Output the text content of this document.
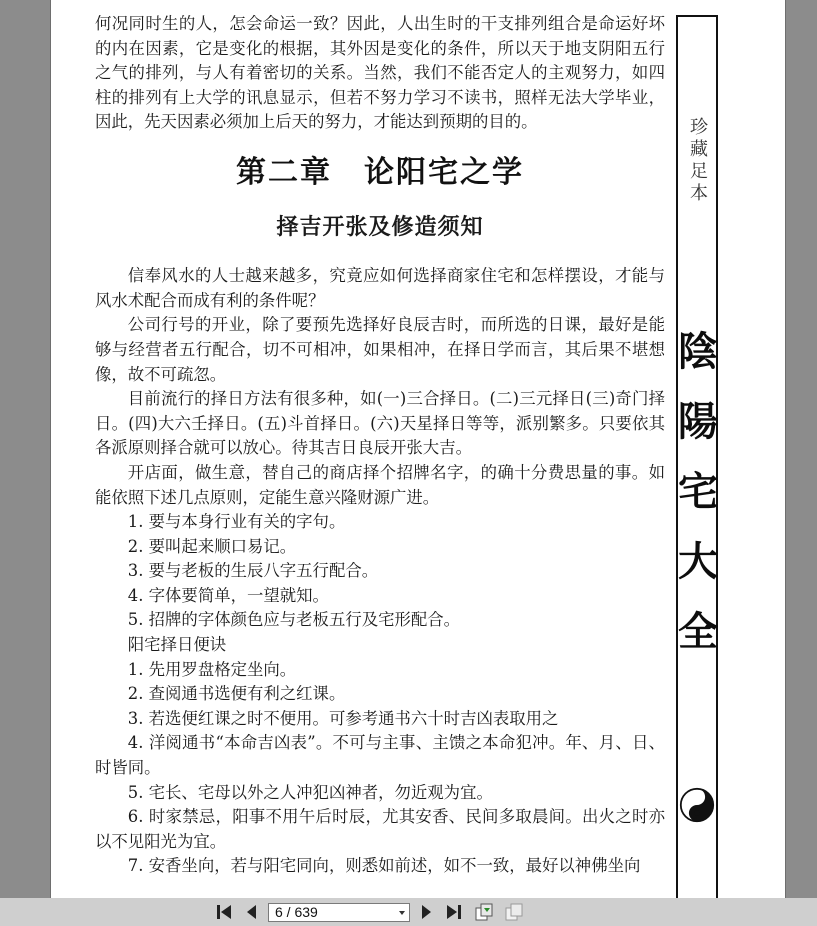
何况同时生的人，怎会命运一致？因此，人出生时的干支排列组合是命运好坏的内在因素，它是变化的根据，其外因是变化的条件，所以天于地支阴阳五行之气的排列，与人有着密切的关系。当然，我们不能否定人的主观努力，如四柱的排列有上大学的讯息显示，但若不努力学习不读书，照样无法大学毕业，因此，先天因素必须加上后天的努力，才能达到预期的目的。

第二章　论阳宅之学
择吉开张及修造须知

信奉风水的人士越来越多，究竟应如何选择商家住宅和怎样摆设，才能与风水术配合而成有利的条件呢？

公司行号的开业，除了要预先选择好良辰吉时，而所选的日课，最好是能够与经营者五行配合，切不可相冲，如果相冲，在择日学而言，其后果不堪想像，故不可疏忽。

目前流行的择日方法有很多种，如(一)三合择日。(二)三元择日(三)奇门择日。(四)大六壬择日。(五)斗首择日。(六)天星择日等等，派别繁多。只要依其各派原则择合就可以放心。待其吉日良辰开张大吉。

开店面，做生意，替自己的商店择个招牌名字，的确十分费思量的事。如能依照下述几点原则，定能生意兴隆财源广进。

1. 要与本身行业有关的字句。

2. 要叫起来顺口易记。

3. 要与老板的生辰八字五行配合。

4. 字体要简单，一望就知。

5. 招牌的字体颜色应与老板五行及宅形配合。

阳宅择日便诀

1. 先用罗盘格定坐向。

2. 查阅通书选便有利之红课。

3. 若选便红课之时不便用。可参考通书六十时吉凶表取用之

4. 洋阅通书“本命吉凶表”。不可与主事、主馈之本命犯冲。年、月、日、时皆同。

5. 宅长、宅母以外之人冲犯凶神者，勿近观为宜。

6. 时家禁忌，阳事不用午后时辰，尤其安香、民间多取晨间。出火之时亦以不见阳光为宜。

7. 安香坐向，若与阳宅同向，则悉如前述，如不一致，最好以神佛坐向

珍藏足本
陰
陽
宅
大
全
6 / 639
